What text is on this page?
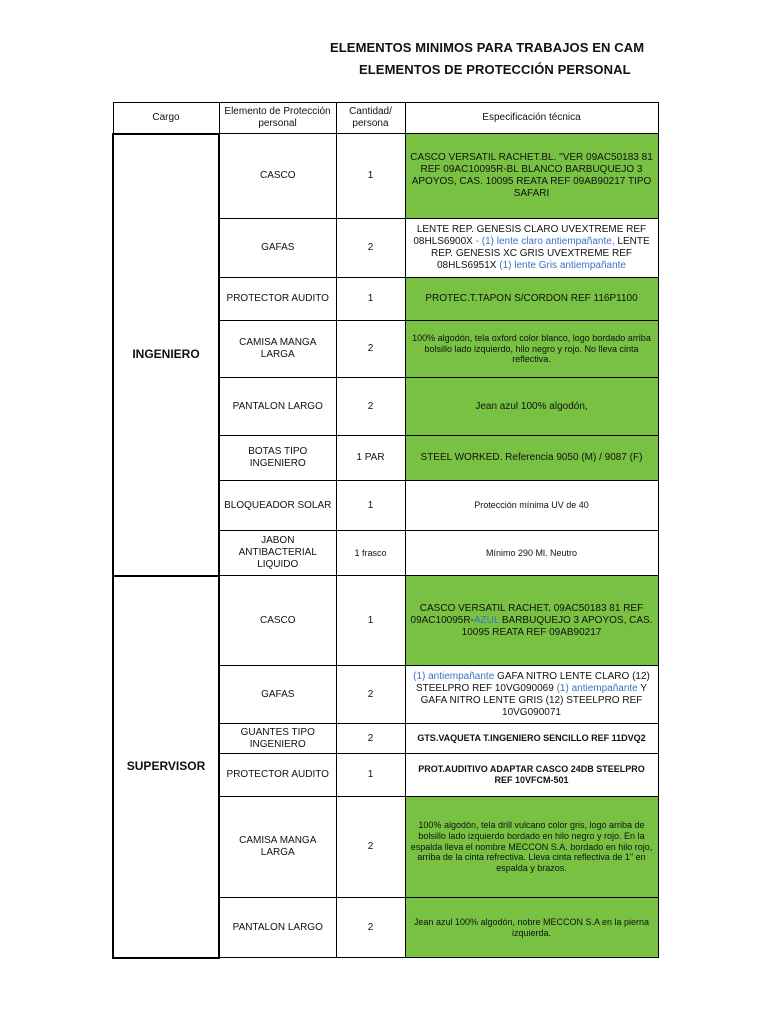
ELEMENTOS MINIMOS PARA TRABAJOS EN CAM
ELEMENTOS DE PROTECCIÓN PERSONAL
Cargo	Elemento de Protección personal	Cantidad/ persona	Especificación técnica
INGENIERO	CASCO	1	CASCO VERSATIL RACHET.BL. "VER 09AC50183 81 REF 09AC10095R-BL BLANCO BARBUQUEJO 3 APOYOS, CAS. 10095 REATA REF 09AB90217 TIPO SAFARI
	GAFAS	2	LENTE REP. GENESIS CLARO UVEXTREME REF 08HLS6900X - (1) lente claro antiempañante, LENTE REP. GENESIS XC GRIS UVEXTREME REF 08HLS6951X (1) lente Gris antiempañante
	PROTECTOR AUDITO	1	PROTEC.T.TAPON S/CORDON REF 116P1100
	CAMISA MANGA LARGA	2	100% algodón, tela oxford color blanco, logo bordado arriba bolsillo lado izquierdo, hilo negro y rojo. No lleva cinta reflectiva.
	PANTALON LARGO	2	Jean azul 100% algodón,
	BOTAS TIPO INGENIERO	1 PAR	STEEL WORKED. Referencia 9050 (M) / 9087 (F)
	BLOQUEADOR SOLAR	1	Protección mínima UV de 40
	JABON ANTIBACTERIAL LIQUIDO	1 frasco	Mínimo 290 Ml. Neutro
SUPERVISOR	CASCO	1	CASCO VERSATIL RACHET. 09AC50183 81 REF 09AC10095R-AZUL BARBUQUEJO 3 APOYOS, CAS. 10095 REATA REF 09AB90217
	GAFAS	2	(1) antiempañante GAFA NITRO LENTE CLARO (12) STEELPRO REF 10VG090069 (1) antiempañante Y GAFA NITRO LENTE GRIS (12) STEELPRO REF 10VG090071
	GUANTES TIPO INGENIERO	2	GTS.VAQUETA T.INGENIERO SENCILLO REF 11DVQ2
	PROTECTOR AUDITO	1	PROT.AUDITIVO ADAPTAR CASCO 24DB STEELPRO REF 10VFCM-501
	CAMISA MANGA LARGA	2	100% algodón, tela drill vulcano color gris, logo arriba de bolsillo lado izquierdo bordado en hilo negro y rojo. En la espalda lleva el nombre MECCON S.A. bordado en hilo rojo, arriba de la cinta refrectiva. Lleva cinta reflectiva de 1" en espalda y brazos.
	PANTALON LARGO	2	Jean azul 100% algodón, nobre MECCON S.A en la pierna izquierda.
